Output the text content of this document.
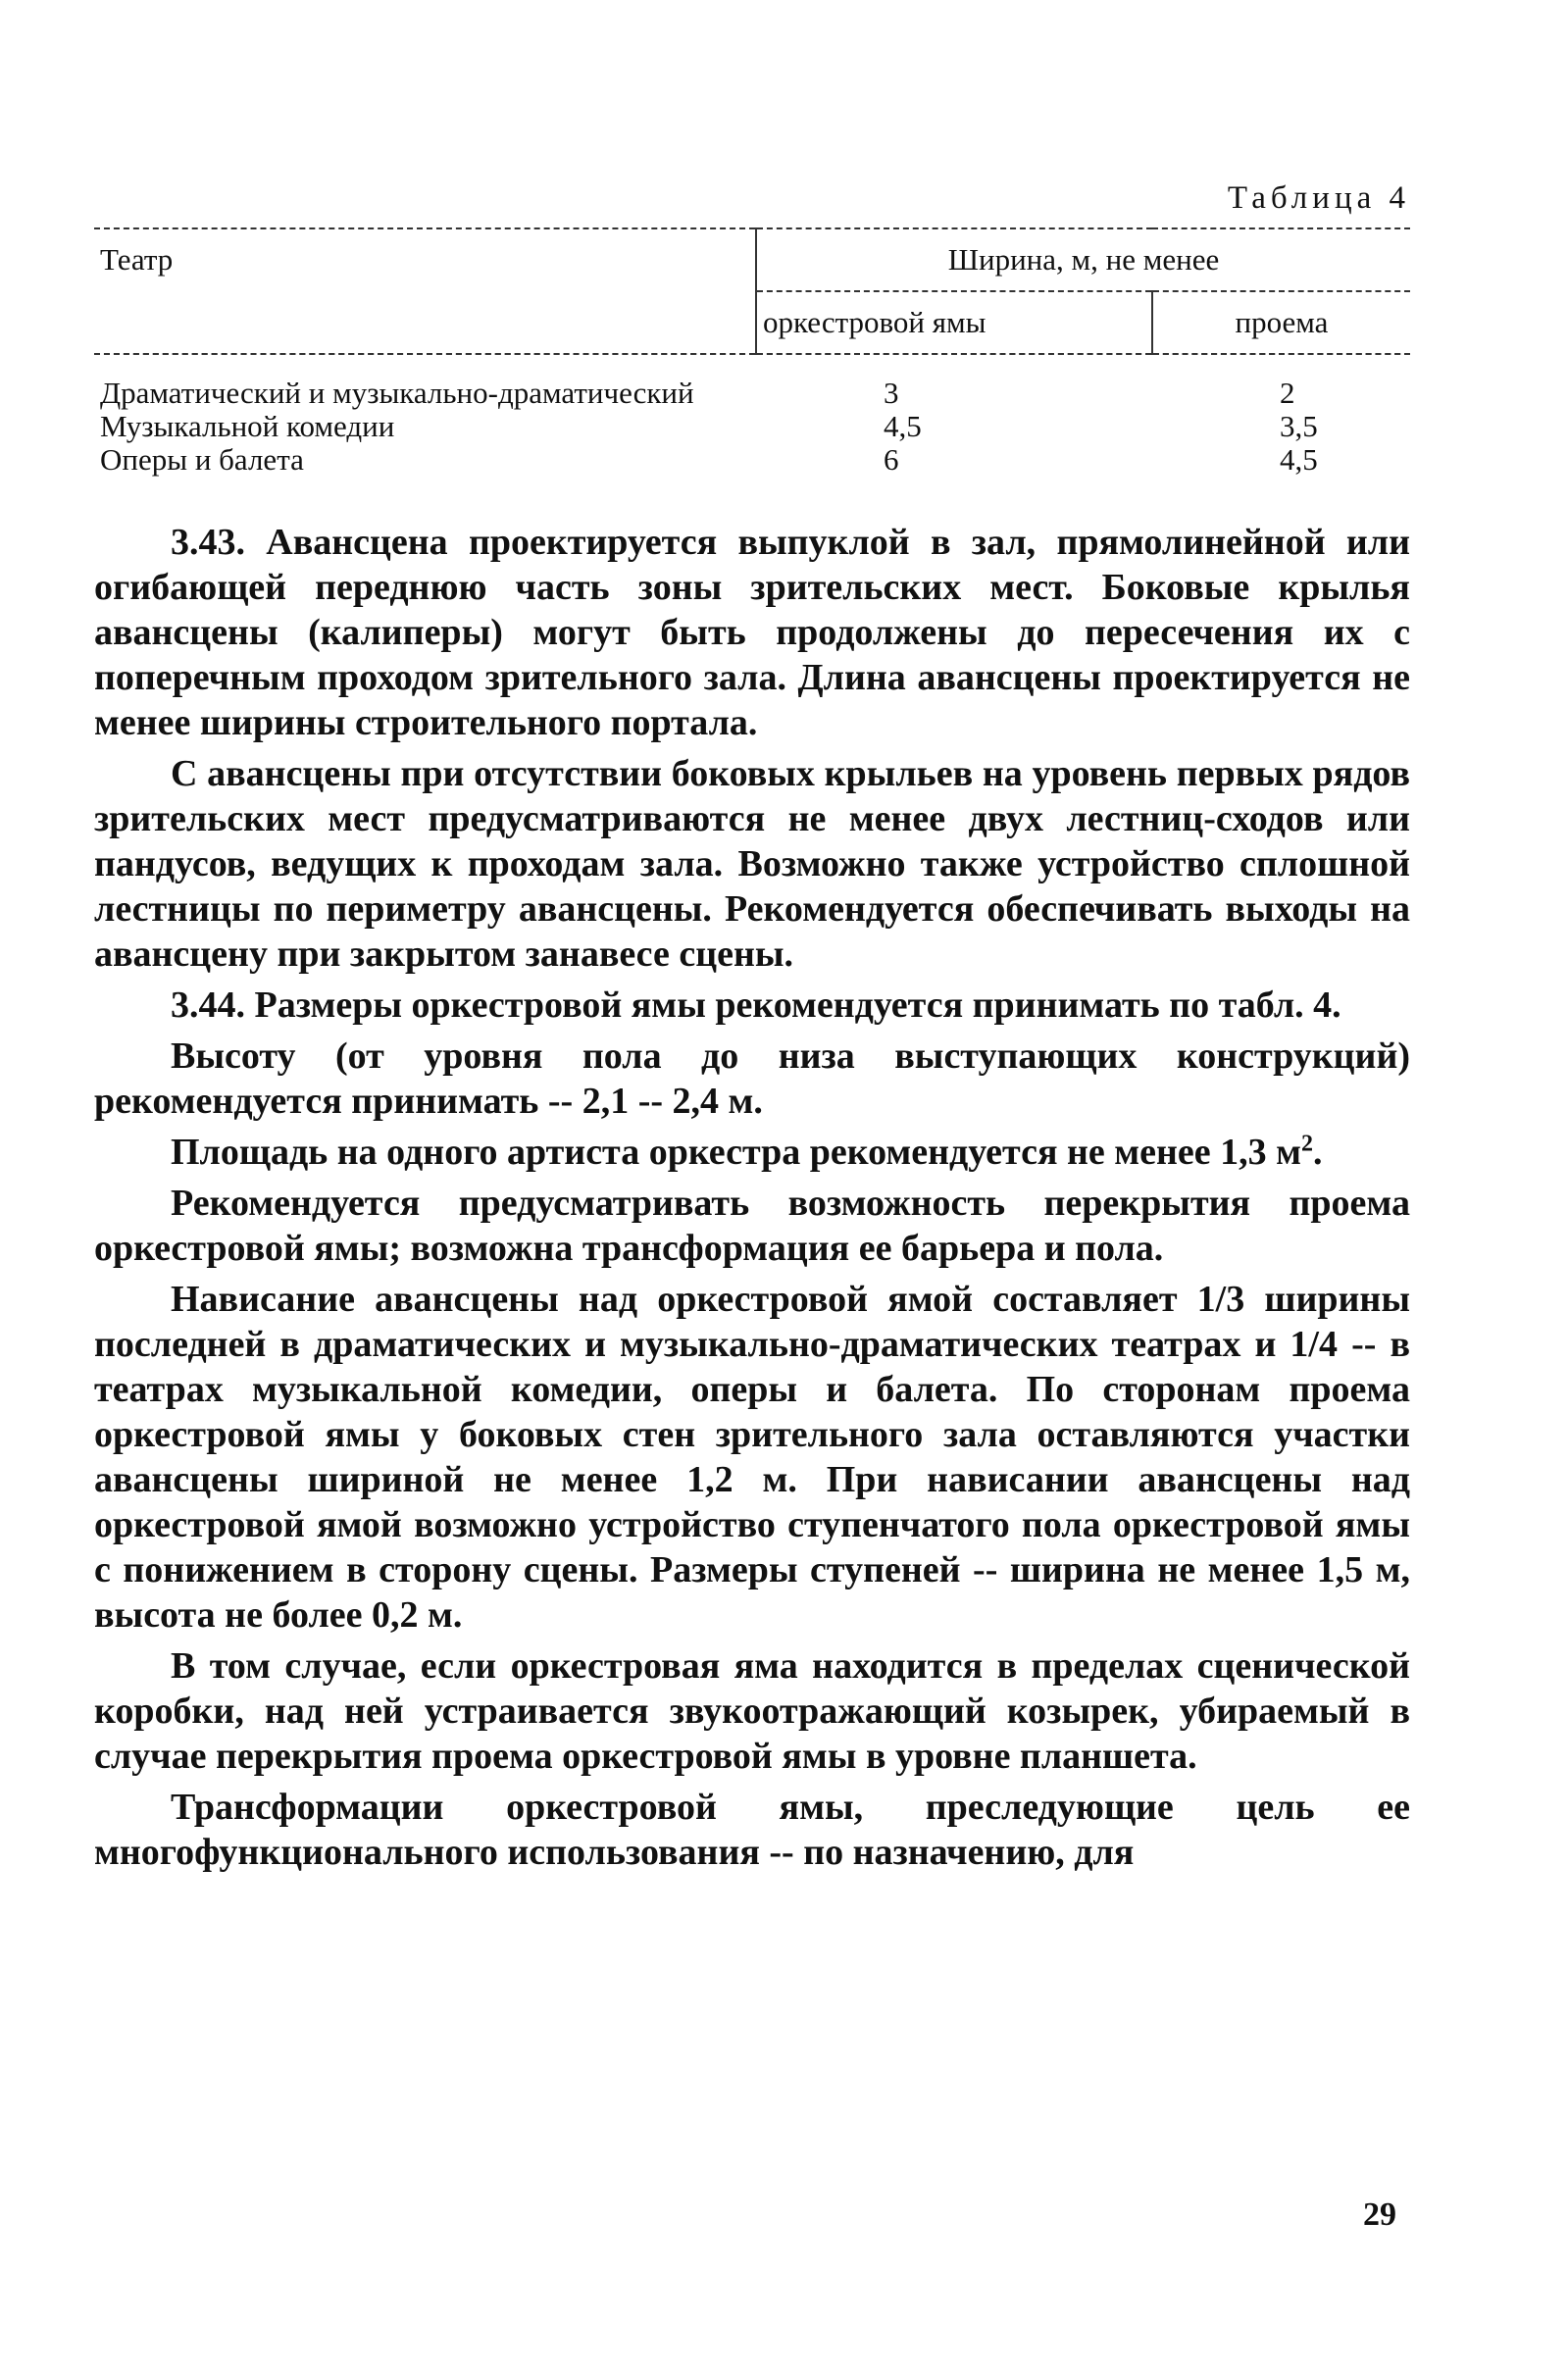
Таблица 4
Театр	Ширина, м, не менее	
	оркестровой ямы	проема
Драматический и музыкально-драматический	3	2
Музыкальной комедии	4,5	3,5
Оперы и балета	6	4,5

3.43. Авансцена проектируется выпуклой в зал, прямолинейной или огибающей переднюю часть зоны зрительских мест. Боковые крылья авансцены (калиперы) могут быть продолжены до пересечения их с поперечным проходом зрительного зала. Длина авансцены проектируется не менее ширины строительного портала.

С авансцены при отсутствии боковых крыльев на уровень первых рядов зрительских мест предусматриваются не менее двух лестниц-сходов или пандусов, ведущих к проходам зала. Возможно также устройство сплошной лестницы по периметру авансцены. Рекомендуется обеспечивать выходы на авансцену при закрытом занавесе сцены.

3.44. Размеры оркестровой ямы рекомендуется принимать по табл. 4.

Высоту (от уровня пола до низа выступающих конструкций) рекомендуется принимать -- 2,1 -- 2,4 м.

Площадь на одного артиста оркестра рекомендуется не менее 1,3 $м^2$.

Рекомендуется предусматривать возможность перекрытия проема оркестровой ямы; возможна трансформация ее барьера и пола.

Нависание авансцены над оркестровой ямой составляет 1/3 ширины последней в драматических и музыкально-драматических театрах и 1/4 -- в театрах музыкальной комедии, оперы и балета. По сторонам проема оркестровой ямы у боковых стен зрительного зала оставляются участки авансцены шириной не менее 1,2 м. При нависании авансцены над оркестровой ямой возможно устройство ступенчатого пола оркестровой ямы с понижением в сторону сцены. Размеры ступеней -- ширина не менее 1,5 м, высота не более 0,2 м.

В том случае, если оркестровая яма находится в пределах сценической коробки, над ней устраивается звукоотражающий козырек, убираемый в случае перекрытия проема оркестровой ямы в уровне планшета.

Трансформации оркестровой ямы, преследующие цель ее многофункционального использования -- по назначению, для

29
